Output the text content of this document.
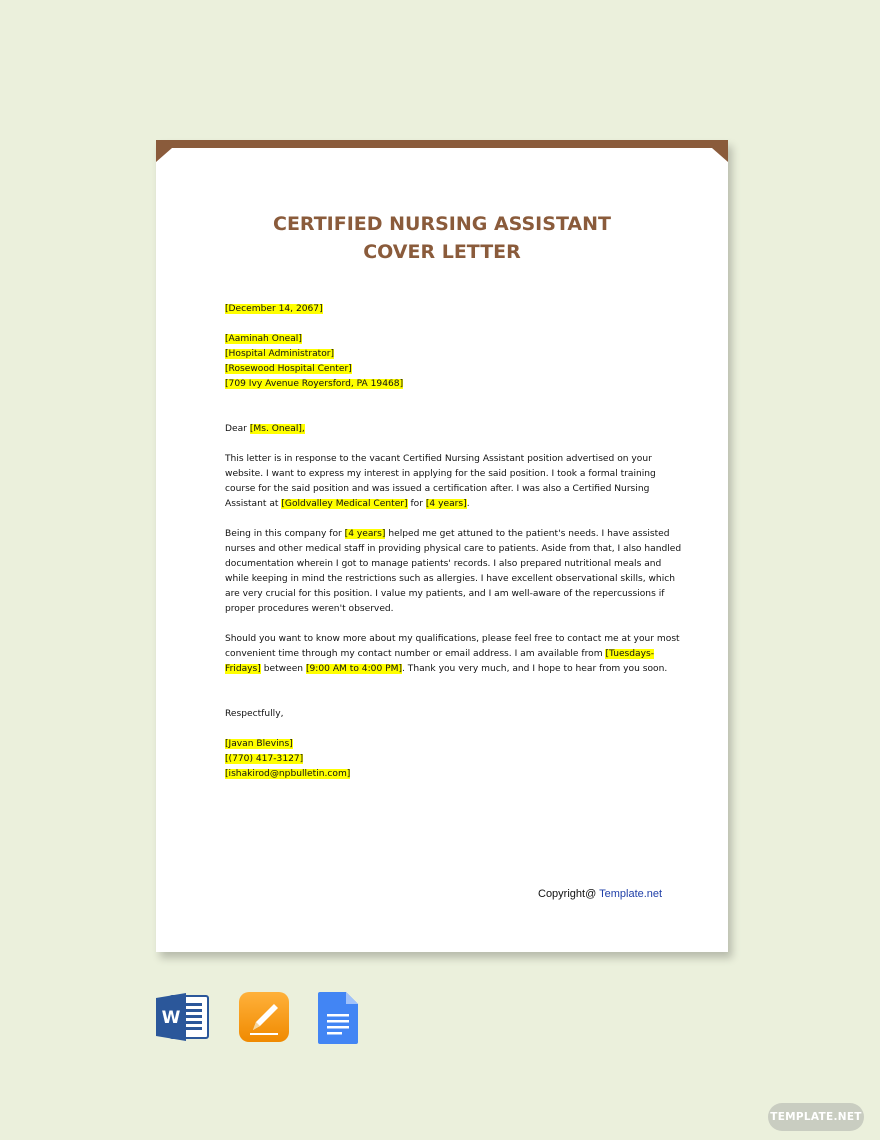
CERTIFIED NURSING ASSISTANT
COVER LETTER
[December 14, 2067]
[Aaminah Oneal]
[Hospital Administrator]
[Rosewood Hospital Center]
[709 Ivy Avenue Royersford, PA 19468]
Dear [Ms. Oneal],
This letter is in response to the vacant Certified Nursing Assistant position advertised on your
website. I want to express my interest in applying for the said position. I took a formal training
course for the said position and was issued a certification after. I was also a Certified Nursing
Assistant at [Goldvalley Medical Center] for [4 years].
Being in this company for [4 years] helped me get attuned to the patient's needs. I have assisted
nurses and other medical staff in providing physical care to patients. Aside from that, I also handled
documentation wherein I got to manage patients' records. I also prepared nutritional meals and
while keeping in mind the restrictions such as allergies. I have excellent observational skills, which
are very crucial for this position. I value my patients, and I am well-aware of the repercussions if
proper procedures weren't observed.
Should you want to know more about my qualifications, please feel free to contact me at your most
convenient time through my contact number or email address. I am available from [Tuesdays-
Fridays] between [9:00 AM to 4:00 PM]. Thank you very much, and I hope to hear from you soon.
Respectfully,
[Javan Blevins]
[(770) 417-3127]
[ishakirod@npbulletin.com]
Copyright@ Template.net
W
TEMPLATE.NET
